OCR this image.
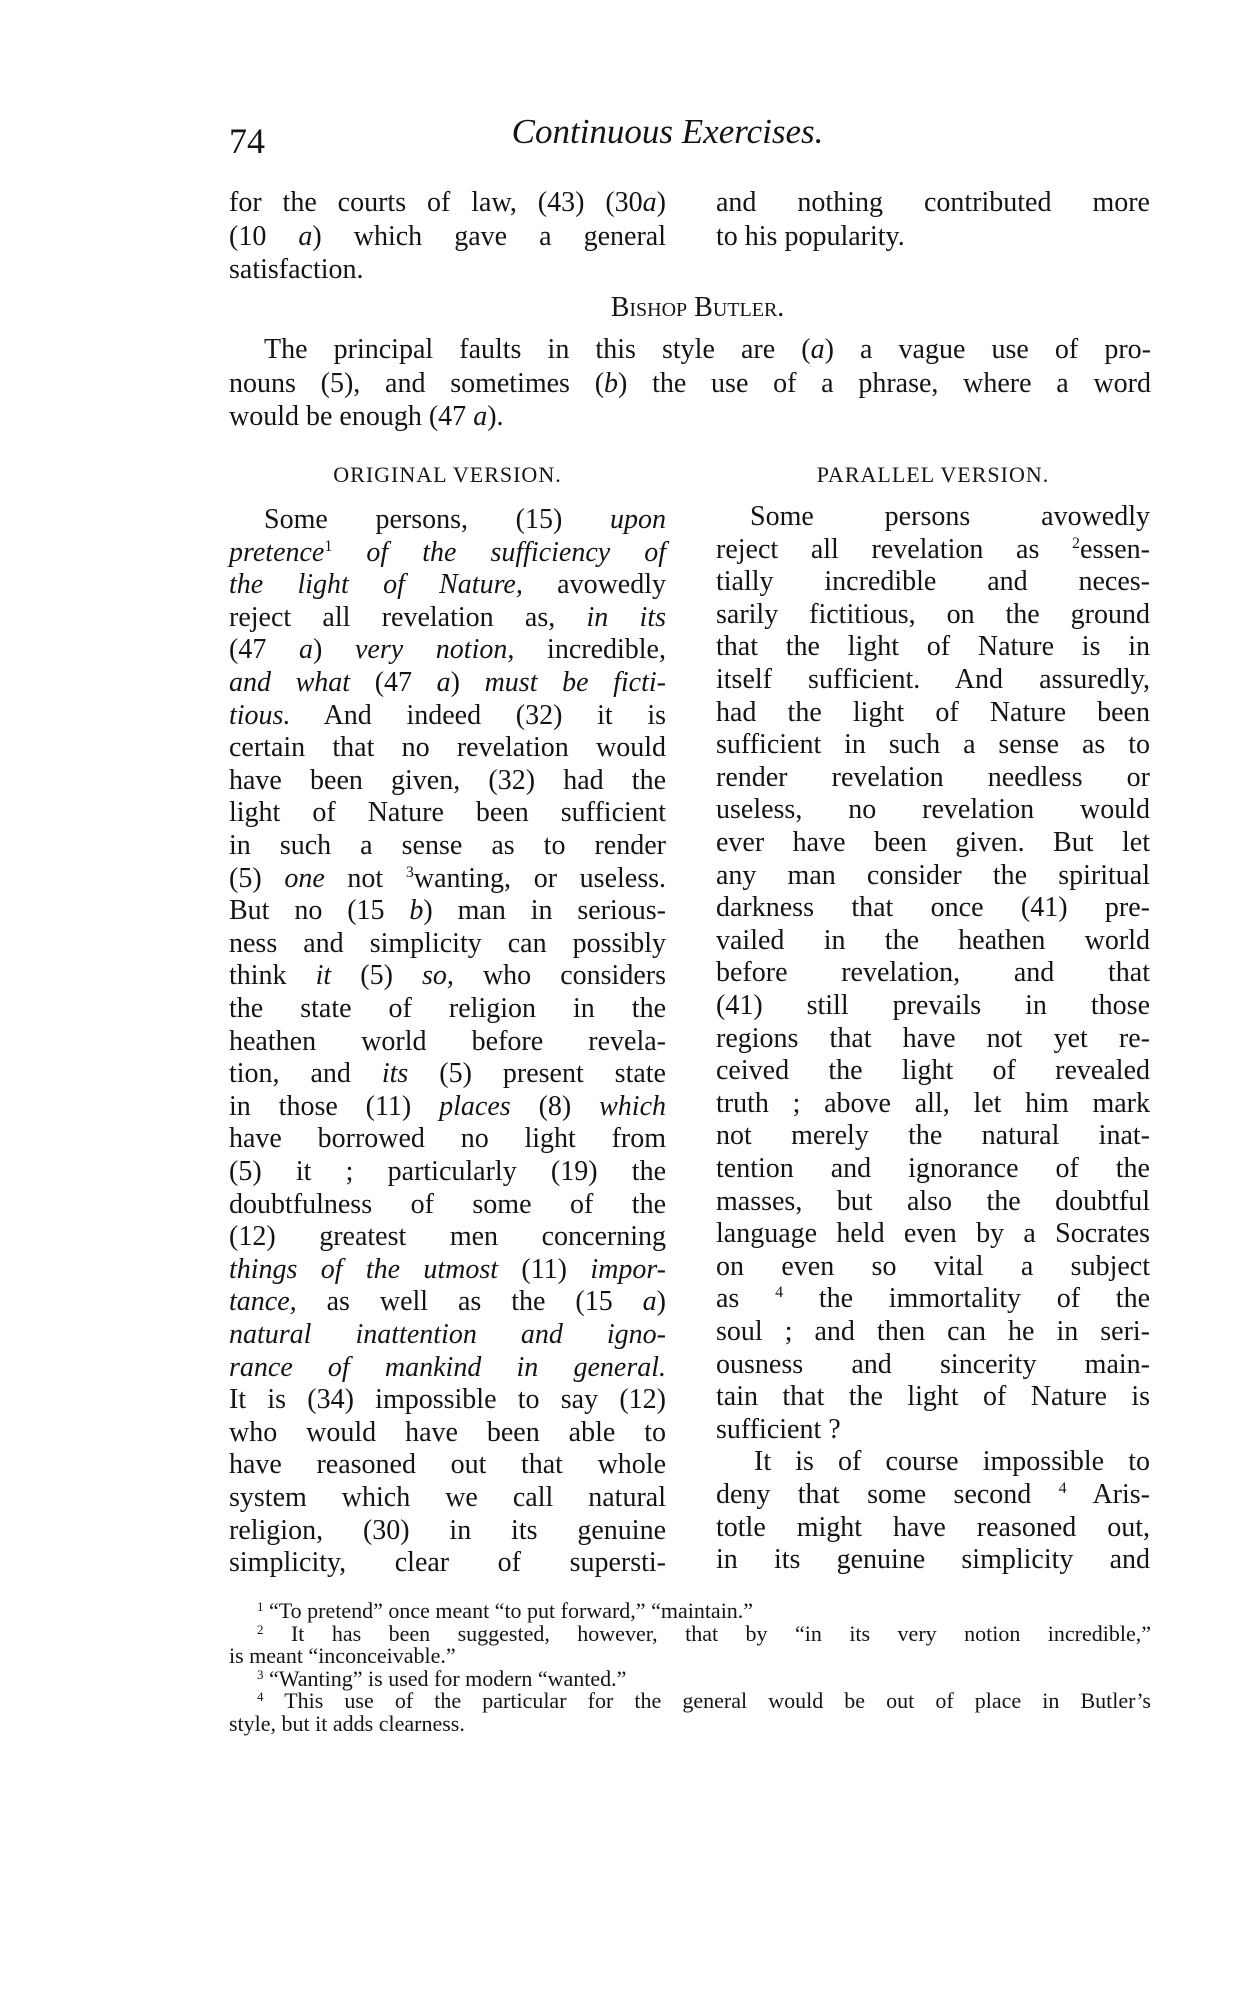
74	Continuous Exercises.
for the courts of law, (43) (30a)
(10 a) which gave a general
satisfaction.
and nothing contributed more
to his popularity.
Bishop Butler.
The principal faults in this style are (a) a vague use of pro-
nouns (5), and sometimes (b) the use of a phrase, where a word
would be enough (47 a).
ORIGINAL VERSION.	PARALLEL VERSION.
Some persons, (15) upon
pretence$^1$ of the sufficiency of
the light of Nature, avowedly
reject all revelation as, in its
(47 a) very notion, incredible,
and what (47 a) must be ficti-
tious. And indeed (32) it is
certain that no revelation would
have been given, (32) had the
light of Nature been sufficient
in such a sense as to render
(5) one not $^3$wanting, or useless.
But no (15 b) man in serious-
ness and simplicity can possibly
think it (5) so, who considers
the state of religion in the
heathen world before revela-
tion, and its (5) present state
in those (11) places (8) which
have borrowed no light from
(5) it ; particularly (19) the
doubtfulness of some of the
(12) greatest men concerning
things of the utmost (11) impor-
tance, as well as the (15 a)
natural inattention and igno-
rance of mankind in general.
It is (34) impossible to say (12)
who would have been able to
have reasoned out that whole
system which we call natural
religion, (30) in its genuine
simplicity, clear of supersti-
Some persons avowedly
reject all revelation as $^2$essen-
tially incredible and neces-
sarily fictitious, on the ground
that the light of Nature is in
itself sufficient. And assuredly,
had the light of Nature been
sufficient in such a sense as to
render revelation needless or
useless, no revelation would
ever have been given. But let
any man consider the spiritual
darkness that once (41) pre-
vailed in the heathen world
before revelation, and that
(41) still prevails in those
regions that have not yet re-
ceived the light of revealed
truth ; above all, let him mark
not merely the natural inat-
tention and ignorance of the
masses, but also the doubtful
language held even by a Socrates
on even so vital a subject
as $^4$ the immortality of the
soul ; and then can he in seri-
ousness and sincerity main-
tain that the light of Nature is
sufficient ?
It is of course impossible to
deny that some second $^4$ Aris-
totle might have reasoned out,
in its genuine simplicity and
$^1$ “To pretend” once meant “to put forward,” “maintain.”
$^2$ It has been suggested, however, that by “in its very notion incredible,”
is meant “inconceivable.”
$^3$ “Wanting” is used for modern “wanted.”
$^4$ This use of the particular for the general would be out of place in Butler’s
style, but it adds clearness.
